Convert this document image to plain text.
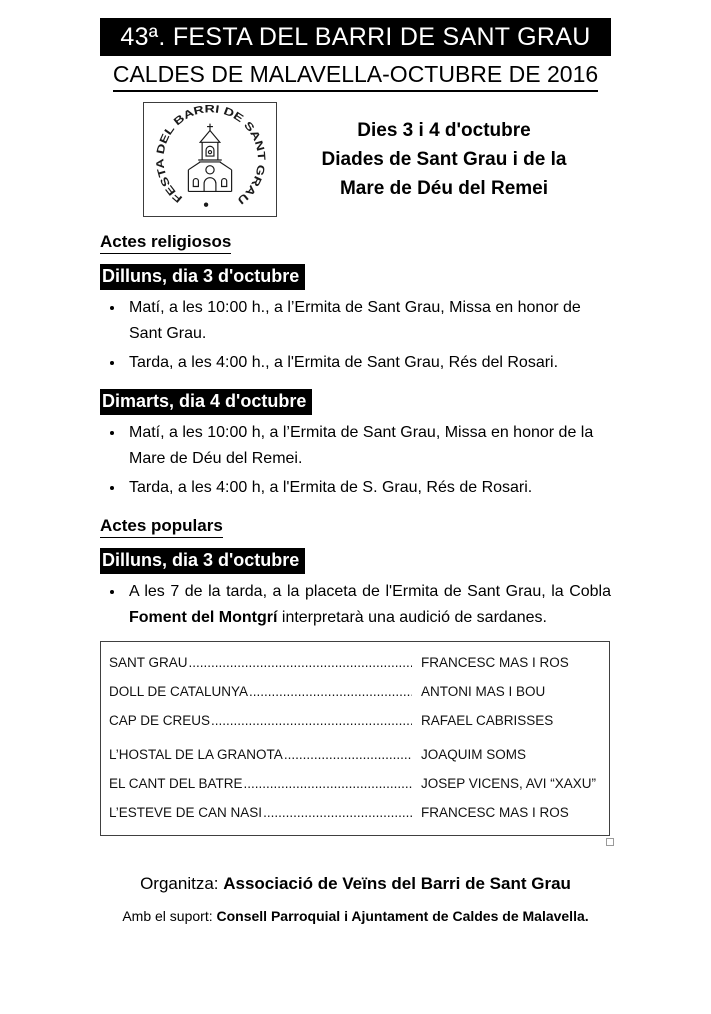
43ª. FESTA DEL BARRI DE SANT GRAU
CALDES DE MALAVELLA-OCTUBRE DE 2016
FESTA DEL BARRI DE SANT GRAU
Dies 3 i 4 d'octubre
Diades de Sant Grau i de la
Mare de Déu del Remei
Actes religiosos
Dilluns, dia 3 d'octubre
• Matí, a les 10:00 h., a l’Ermita de Sant Grau, Missa en honor de Sant Grau.
• Tarda, a les 4:00 h., a l'Ermita de Sant Grau, Rés del Rosari.
Dimarts, dia 4 d'octubre
• Matí, a les 10:00 h, a l’Ermita de Sant Grau, Missa en honor de la Mare de Déu del Remei.
• Tarda, a les 4:00 h, a l'Ermita de S. Grau, Rés de Rosari.
Actes populars
Dilluns, dia 3 d'octubre
• A les 7 de la tarda, a la placeta de l'Ermita de Sant Grau, la Cobla Foment del Montgrí interpretarà una audició de sardanes.
SANT GRAU .....	FRANCESC MAS I ROS
DOLL DE CATALUNYA .....	ANTONI MAS I BOU
CAP DE CREUS .....	RAFAEL CABRISSES
L’HOSTAL DE LA GRANOTA .....	JOAQUIM SOMS
EL CANT DEL BATRE .....	JOSEP VICENS, AVI “XAXU”
L’ESTEVE DE CAN NASI .....	FRANCESC MAS I ROS
Organitza: Associació de Veïns del Barri de Sant Grau
Amb el suport: Consell Parroquial i Ajuntament de Caldes de Malavella.
